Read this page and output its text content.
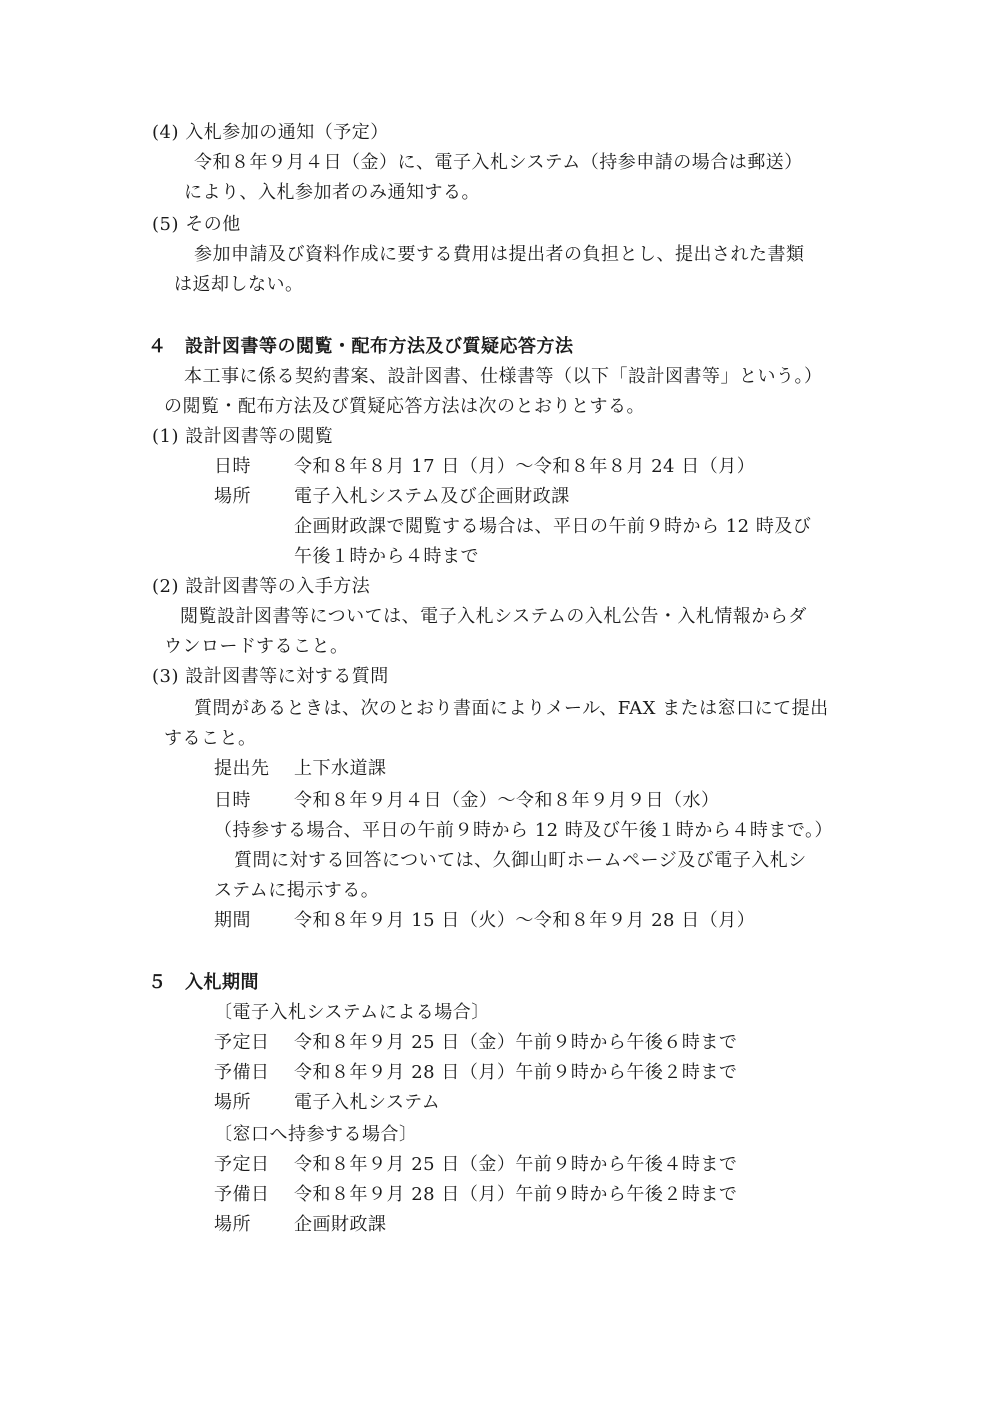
(4) 入札参加の通知（予定）
令和８年９月４日（金）に、電子入札システム（持参申請の場合は郵送）
により、入札参加者のみ通知する。
(5) その他
参加申請及び資料作成に要する費用は提出者の負担とし、提出された書類
は返却しない。
４　設計図書等の閲覧・配布方法及び質疑応答方法
本工事に係る契約書案、設計図書、仕様書等（以下「設計図書等」という。）
の閲覧・配布方法及び質疑応答方法は次のとおりとする。
(1) 設計図書等の閲覧
日時 令和８年８月 17 日（月）～令和８年８月 24 日（月）
場所 電子入札システム及び企画財政課
企画財政課で閲覧する場合は、平日の午前９時から 12 時及び
午後１時から４時まで
(2) 設計図書等の入手方法
閲覧設計図書等については、電子入札システムの入札公告・入札情報からダ
ウンロードすること。
(3) 設計図書等に対する質問
質問があるときは、次のとおり書面によりメール、FAX または窓口にて提出
すること。
提出先 上下水道課
日時 令和８年９月４日（金）～令和８年９月９日（水）
（持参する場合、平日の午前９時から 12 時及び午後１時から４時まで。）
質問に対する回答については、久御山町ホームページ及び電子入札シ
ステムに掲示する。
期間 令和８年９月 15 日（火）～令和８年９月 28 日（月）
５　入札期間
〔電子入札システムによる場合〕
予定日 令和８年９月 25 日（金）午前９時から午後６時まで
予備日 令和８年９月 28 日（月）午前９時から午後２時まで
場所 電子入札システム
〔窓口へ持参する場合〕
予定日 令和８年９月 25 日（金）午前９時から午後４時まで
予備日 令和８年９月 28 日（月）午前９時から午後２時まで
場所 企画財政課
